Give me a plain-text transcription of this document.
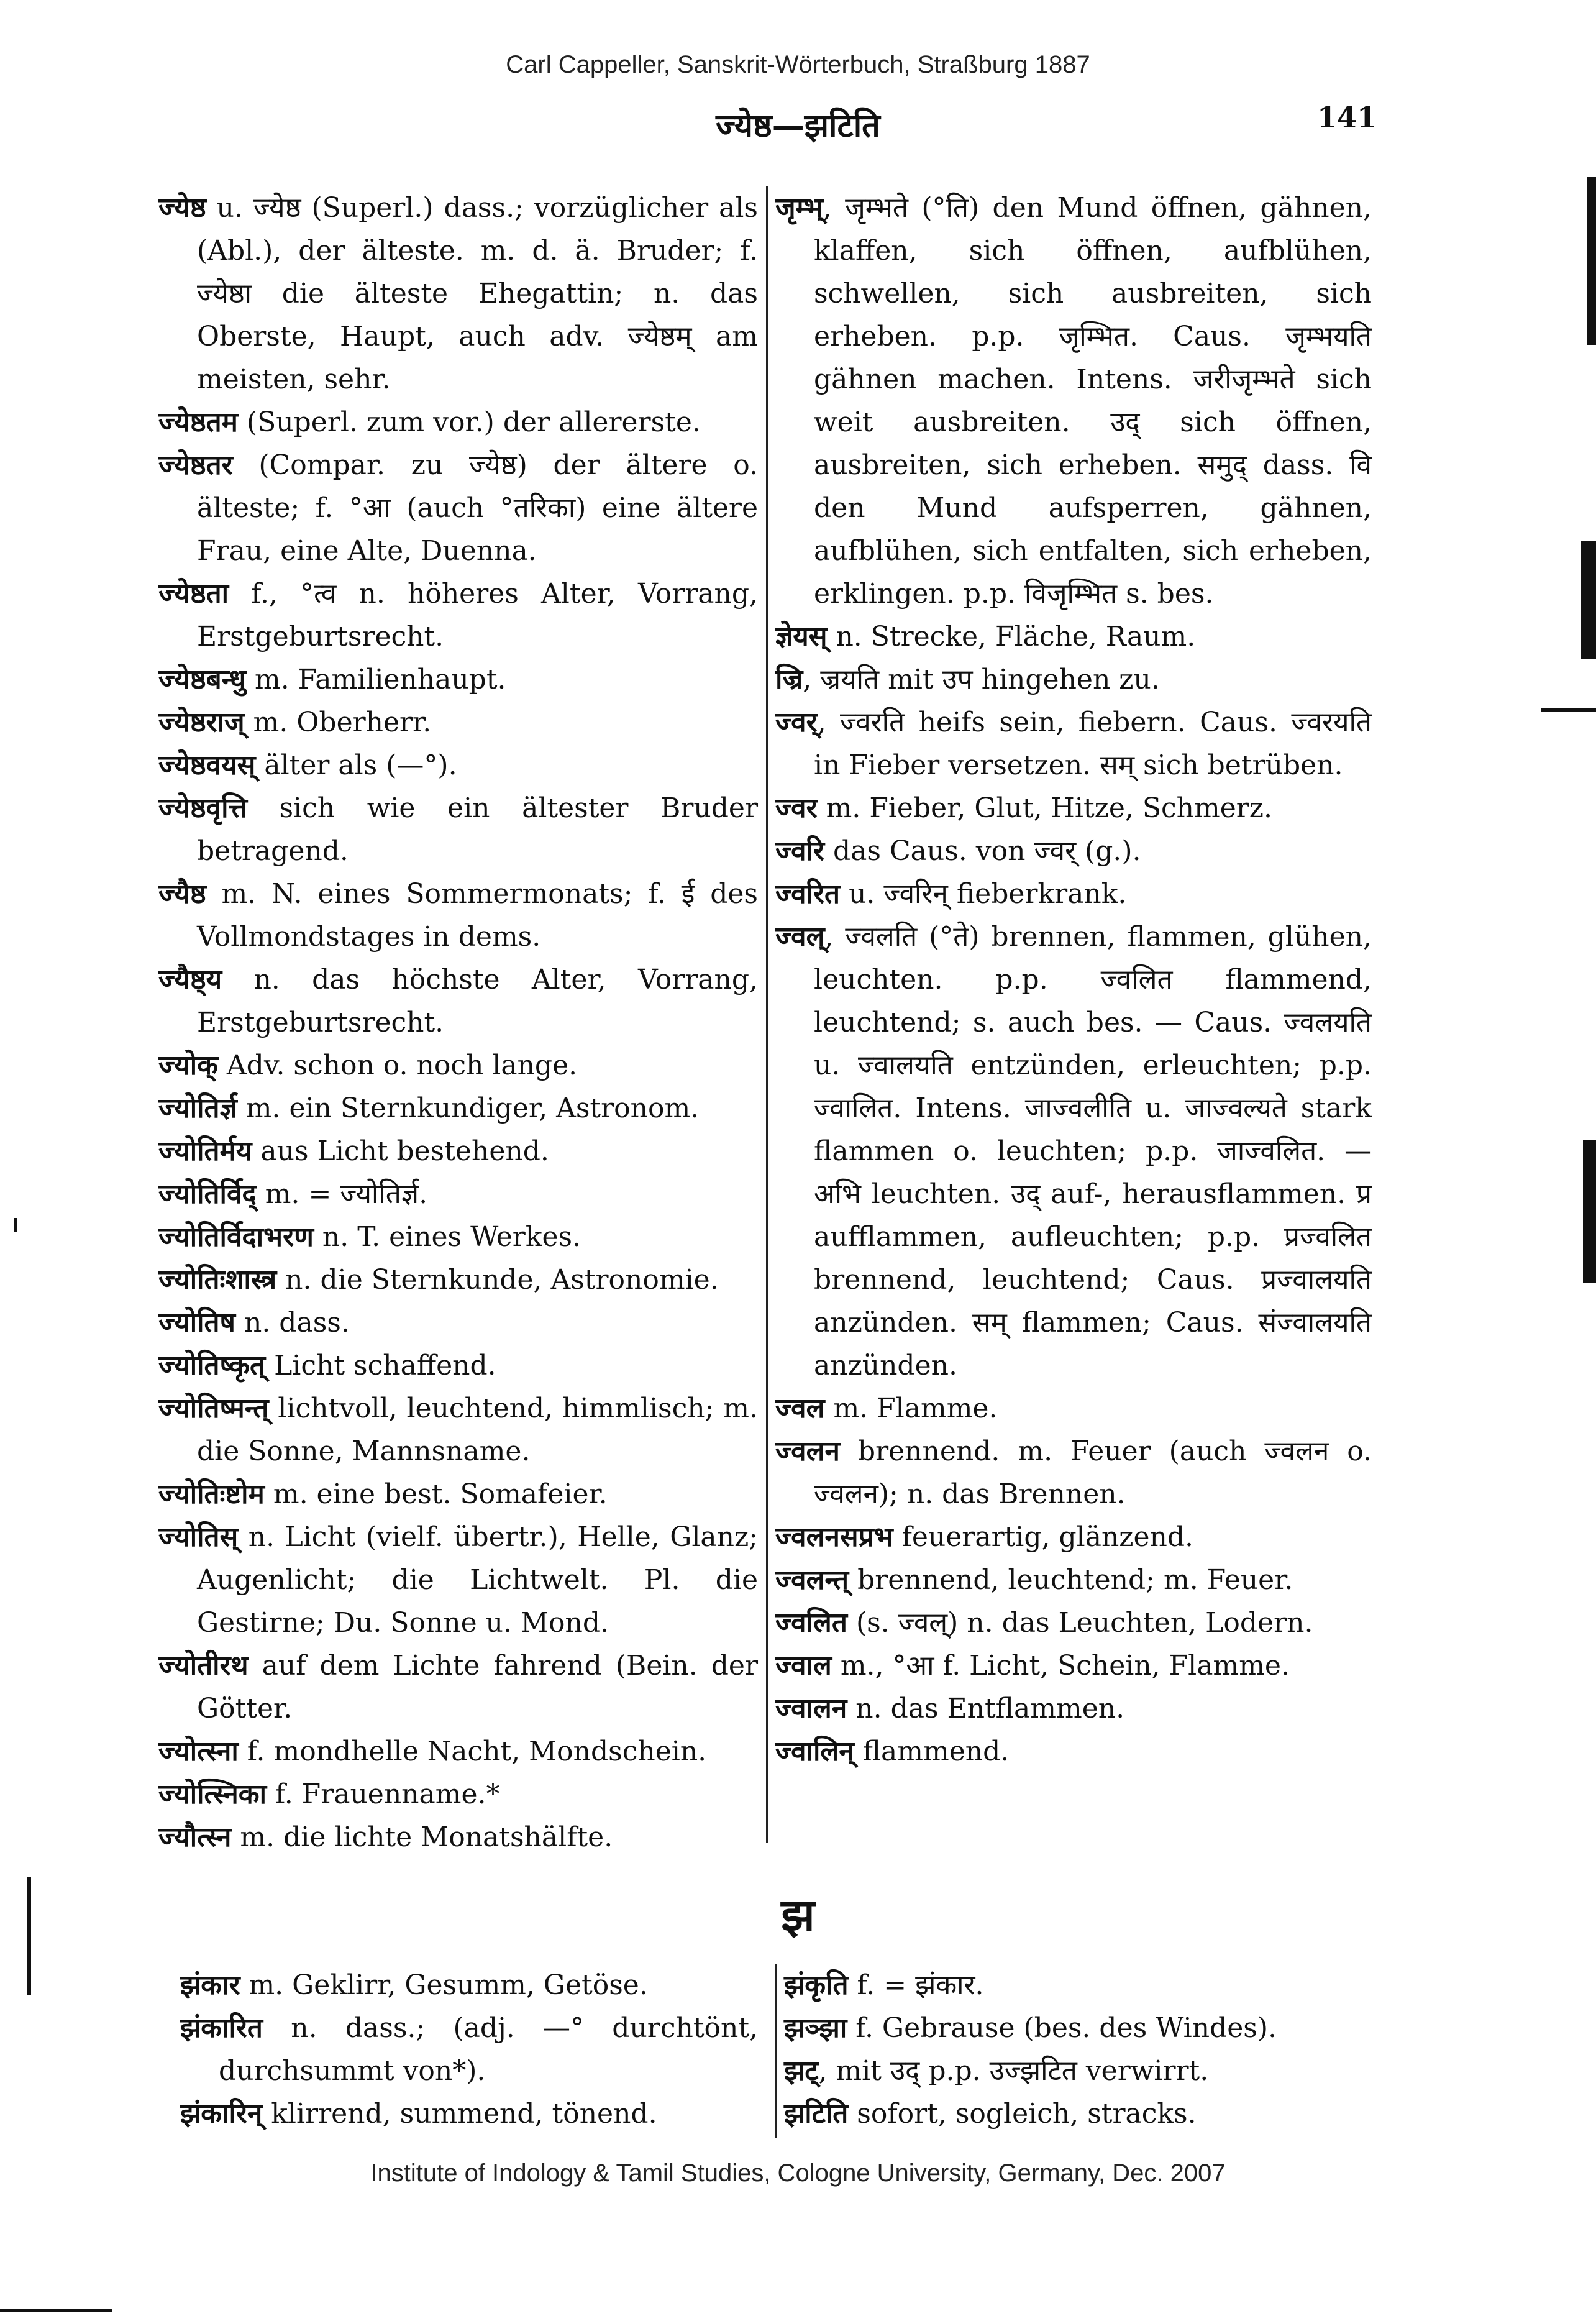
Carl Cappeller, Sanskrit-Wörterbuch, Straßburg 1887
ज्येष्ठ—झटिति	141

ज्येष्ठ u. ज्येष्ठ (Superl.) dass.; vorzüglicher als (Abl.), der älteste. m. d. ä. Bruder; f. ज्येष्ठा die älteste Ehegattin; n. das Oberste, Haupt, auch adv. ज्येष्ठम् am meisten, sehr.

ज्येष्ठतम (Superl. zum vor.) der allererste.

ज्येष्ठतर (Compar. zu ज्येष्ठ) der ältere o. älteste; f. °आ (auch °तरिका) eine ältere Frau, eine Alte, Duenna.

ज्येष्ठता f., °त्व n. höheres Alter, Vorrang, Erstgeburtsrecht.

ज्येष्ठबन्धु m. Familienhaupt.

ज्येष्ठराज् m. Oberherr.

ज्येष्ठवयस् älter als (—°).

ज्येष्ठवृत्ति sich wie ein ältester Bruder betragend.

ज्यैष्ठ m. N. eines Sommermonats; f. ई des Vollmondstages in dems.

ज्यैष्ठ्य n. das höchste Alter, Vorrang, Erstgeburtsrecht.

ज्योक् Adv. schon o. noch lange.

ज्योतिर्ज्ञ m. ein Sternkundiger, Astronom.

ज्योतिर्मय aus Licht bestehend.

ज्योतिर्विद् m. = ज्योतिर्ज्ञ.

ज्योतिर्विदाभरण n. T. eines Werkes.

ज्योतिःशास्त्र n. die Sternkunde, Astronomie.

ज्योतिष n. dass.

ज्योतिष्कृत् Licht schaffend.

ज्योतिष्मन्त् lichtvoll, leuchtend, himmlisch; m. die Sonne, Mannsname.

ज्योतिःष्टोम m. eine best. Somafeier.

ज्योतिस् n. Licht (vielf. übertr.), Helle, Glanz; Augenlicht; die Lichtwelt. Pl. die Gestirne; Du. Sonne u. Mond.

ज्योतीरथ auf dem Lichte fahrend (Bein. der Götter.

ज्योत्स्ना f. mondhelle Nacht, Mondschein.

ज्योत्स्निका f. Frauenname.*

ज्यौत्स्न m. die lichte Monatshälfte.

जृम्भ्, जृम्भते (°ति) den Mund öffnen, gähnen, klaffen, sich öffnen, aufblühen, schwellen, sich ausbreiten, sich erheben. p.p. जृम्भित. Caus. जृम्भयति gähnen machen. Intens. जरीजृम्भते sich weit ausbreiten. उद् sich öffnen, ausbreiten, sich erheben. समुद् dass. वि den Mund aufsperren, gähnen, aufblühen, sich entfalten, sich erheben, erklingen. p.p. विजृम्भित s. bes.

ज्ञेयस् n. Strecke, Fläche, Raum.

ज्रि, ज्रयति mit उप hingehen zu.

ज्वर्, ज्वरति heifs sein, fiebern. Caus. ज्वरयति in Fieber versetzen. सम् sich betrüben.

ज्वर m. Fieber, Glut, Hitze, Schmerz.

ज्वरि das Caus. von ज्वर् (g.).

ज्वरित u. ज्वरिन् fieberkrank.

ज्वल्, ज्वलति (°ते) brennen, flammen, glühen, leuchten. p.p. ज्वलित flammend, leuchtend; s. auch bes. — Caus. ज्वलयति u. ज्वालयति entzünden, erleuchten; p.p. ज्वालित. Intens. जाज्वलीति u. जाज्वल्यते stark flammen o. leuchten; p.p. जाज्वलित. — अभि leuchten. उद् auf-, herausflammen. प्र aufflammen, aufleuchten; p.p. प्रज्वलित brennend, leuchtend; Caus. प्रज्वालयति anzünden. सम् flammen; Caus. संज्वालयति anzünden.

ज्वल m. Flamme.

ज्वलन brennend. m. Feuer (auch ज्वलन o. ज्वलन); n. das Brennen.

ज्वलनसप्रभ feuerartig, glänzend.

ज्वलन्त् brennend, leuchtend; m. Feuer.

ज्वलित (s. ज्वल्) n. das Leuchten, Lodern.

ज्वाल m., °आ f. Licht, Schein, Flamme.

ज्वालन n. das Entflammen.

ज्वालिन् flammend.

झ

झंकार m. Geklirr, Gesumm, Getöse.

झंकारित n. dass.; (adj. —° durchtönt, durchsummt von*).

झंकारिन् klirrend, summend, tönend.

झंकृति f. = झंकार.

झञ्झा f. Gebrause (bes. des Windes).

झट्, mit उद् p.p. उज्झटित verwirrt.

झटिति sofort, sogleich, stracks.

Institute of Indology & Tamil Studies, Cologne University, Germany, Dec. 2007
